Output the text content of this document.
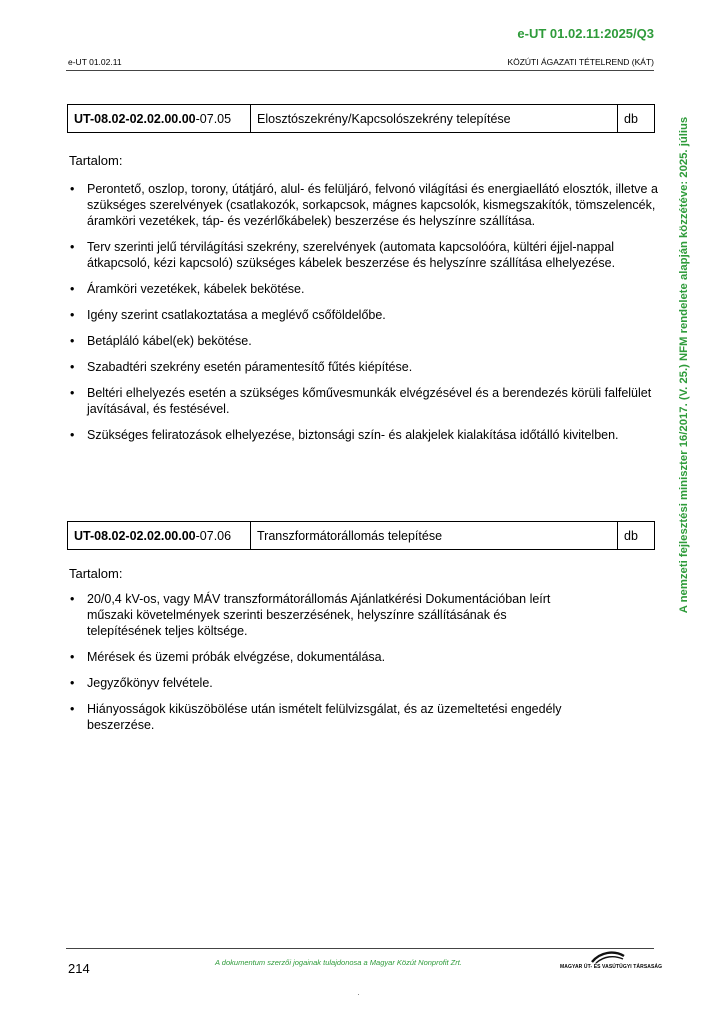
e-UT 01.02.11:2025/Q3
e-UT 01.02.11	KÖZÚTI ÁGAZATI TÉTELREND (KÁT)
A nemzeti fejlesztési miniszter 16/2017. (V. 25.) NFM rendelete alapján közzétéve: 2025. július
UT-08.02-02.02.00.00-07.05	Elosztószekrény/Kapcsolószekrény telepítése	db
Tartalom:
• Perontető, oszlop, torony, útátjáró, alul- és felüljáró, felvonó világítási és energiaellátó elosztók, illetve a szükséges szerelvények (csatlakozók, sorkapcsok, mágnes kapcsolók, kismegszakítók, tömszelencék, áramköri vezetékek, táp- és vezérlőkábelek) beszerzése és helyszínre szállítása.
• Terv szerinti jelű térvilágítási szekrény, szerelvények (automata kapcsolóóra, kültéri éjjel-nappal átkapcsoló, kézi kapcsoló) szükséges kábelek beszerzése és helyszínre szállítása elhelyezése.
• Áramköri vezetékek, kábelek bekötése.
• Igény szerint csatlakoztatása a meglévő csőföldelőbe.
• Betápláló kábel(ek) bekötése.
• Szabadtéri szekrény esetén páramentesítő fűtés kiépítése.
• Beltéri elhelyezés esetén a szükséges kőművesmunkák elvégzésével és a berendezés körüli falfelület javításával, és festésével.
• Szükséges feliratozások elhelyezése, biztonsági szín- és alakjelek kialakítása időtálló kivitelben.
UT-08.02-02.02.00.00-07.06	Transzformátorállomás telepítése	db
Tartalom:
• 20/0,4 kV-os, vagy MÁV transzformátorállomás Ajánlatkérési Dokumentációban leírt műszaki követelmények szerinti beszerzésének, helyszínre szállításának és telepítésének teljes költsége.
• Mérések és üzemi próbák elvégzése, dokumentálása.
• Jegyzőkönyv felvétele.
• Hiányosságok kiküszöbölése után ismételt felülvizsgálat, és az üzemeltetési engedély beszerzése.
214	A dokumentum szerzői jogainak tulajdonosa a Magyar Közút Nonprofit Zrt.	MAGYAR ÚT- ÉS VASÚTÜGYI TÁRSASÁG
